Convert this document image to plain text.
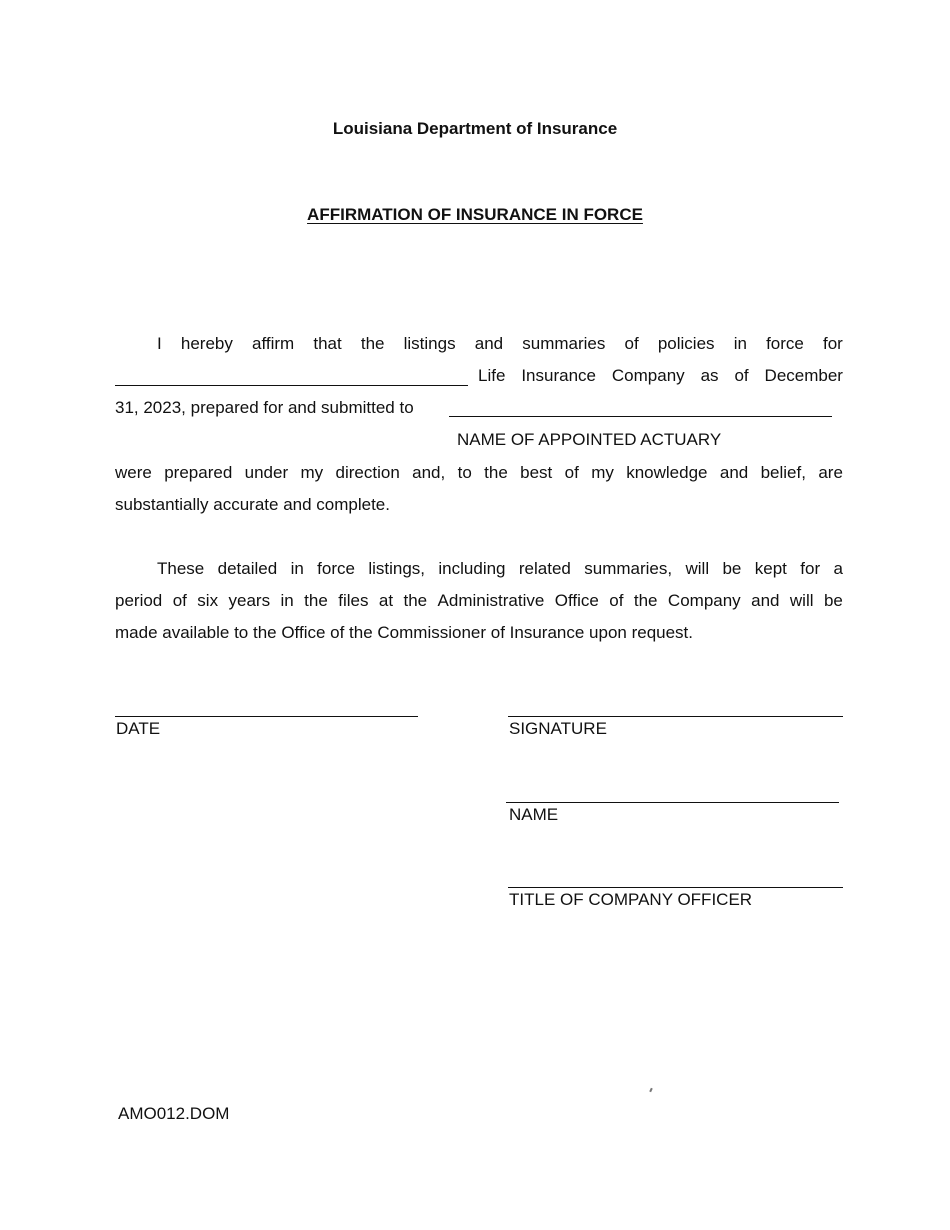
Louisiana Department of Insurance
AFFIRMATION OF INSURANCE IN FORCE
I hereby affirm that the listings and summaries of policies in force for
Life Insurance Company as of December
31, 2023, prepared for and submitted to
NAME OF APPOINTED ACTUARY
were prepared under my direction and, to the best of my knowledge and belief, are
substantially accurate and complete.
These detailed in force listings, including related summaries, will be kept for a
period of six years in the files at the Administrative Office of the Company and will be
made available to the Office of the Commissioner of Insurance upon request.
DATE	SIGNATURE
NAME
TITLE OF COMPANY OFFICER
AMO012.DOM
